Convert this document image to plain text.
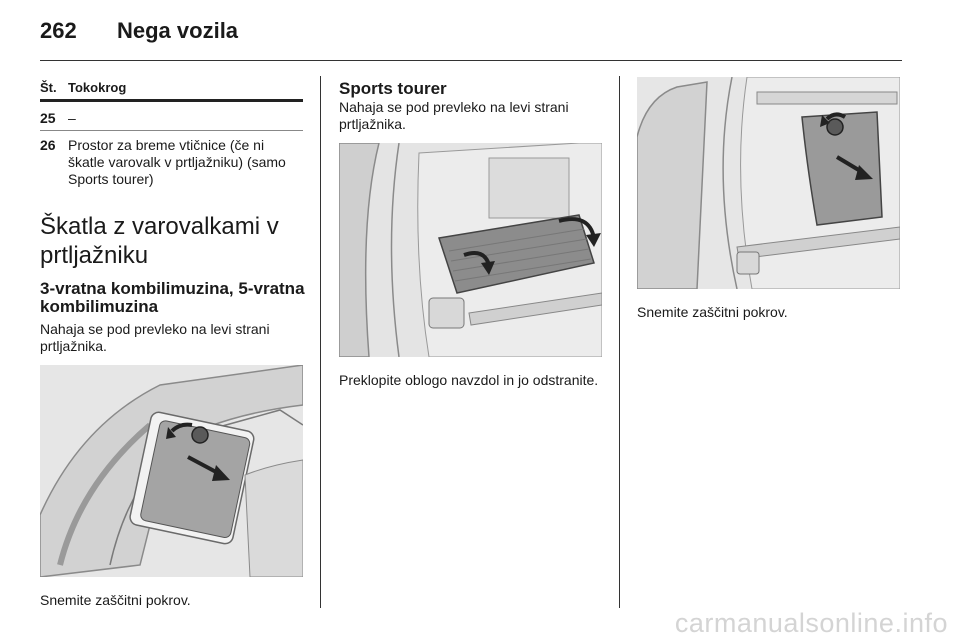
262 Nega vozila
Št. Tokokrog
25 –
26 Prostor za breme vtičnice (če ni škatle varovalk v prtljažniku) (samo Sports tourer)
Škatla z varovalkami v prtljažniku
3-vratna kombilimuzina, 5-vratna kombilimuzina
Nahaja se pod prevleko na levi strani prtljažnika.
Snemite zaščitni pokrov.
Sports tourer
Nahaja se pod prevleko na levi strani prtljažnika.
Preklopite oblogo navzdol in jo odstranite.
Snemite zaščitni pokrov.
carmanualsonline.info
